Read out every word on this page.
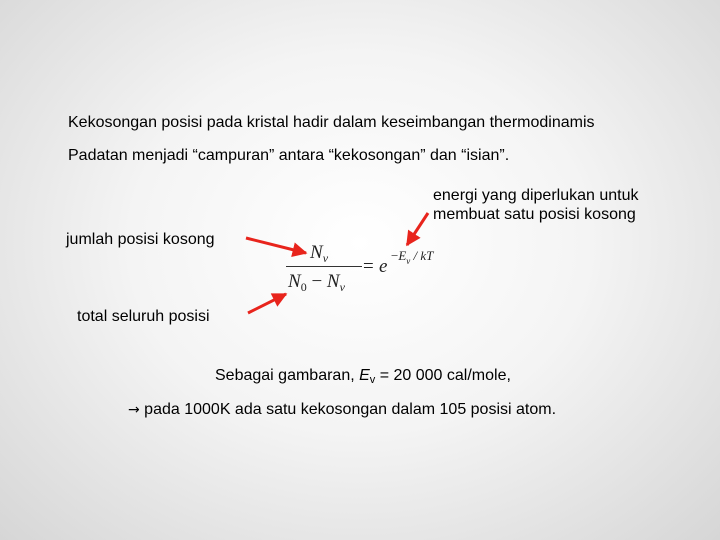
Kekosongan posisi pada kristal hadir dalam keseimbangan thermodinamis
Padatan menjadi “campuran” antara “kekosongan” dan “isian”.
energi yang diperlukan untuk
membuat satu posisi kosong
jumlah posisi kosong
total seluruh posisi
$N_v$
$N_0 - N_v$
= e
$-E_v$ / kT
Sebagai gambaran, $E_v = 20$ 000 cal/mole,
→ pada 1000K ada satu kekosongan dalam 105 posisi atom.
